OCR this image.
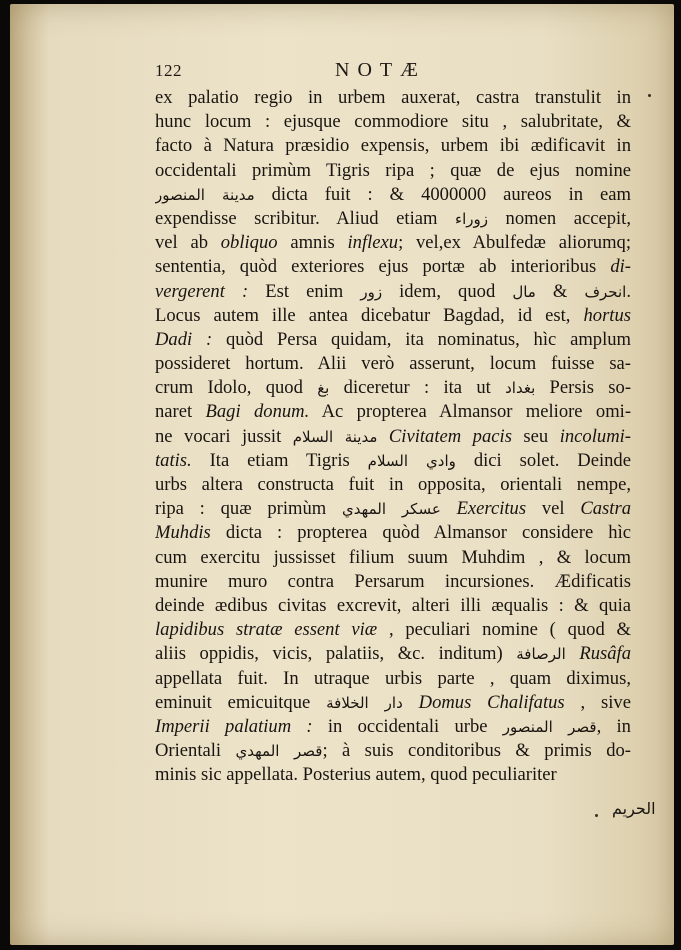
122	NOTÆ
ex palatio regio in urbem auxerat, castra transtulit in
hunc locum : ejusque commodiore situ , salubritate, &
facto à Natura præsidio expensis, urbem ibi ædificavit in
occidentali primùm Tigris ripa ; quæ de ejus nomine
مدينة المنصور dicta fuit : & 4000000 aureos in eam
expendisse scribitur. Aliud etiam زوراء nomen accepit,
vel ab obliquo amnis inflexu; vel,ex Abulfedæ aliorumq;
sententia, quòd exteriores ejus portæ ab interioribus di-
vergerent : Est enim زور idem, quod مال & انحرف.
Locus autem ille antea dicebatur Bagdad, id est, hortus
Dadi : quòd Persa quidam, ita nominatus, hìc amplum
possideret hortum. Alii verò asserunt, locum fuisse sa-
crum Idolo, quod بغ diceretur : ita ut بغداد Persis so-
naret Bagi donum. Ac propterea Almansor meliore omi-
ne vocari jussit مدينة السلام Civitatem pacis seu incolumi-
tatis. Ita etiam Tigris وادي السلام dici solet. Deinde
urbs altera constructa fuit in opposita, orientali nempe,
ripa : quæ primùm عسكر المهدي Exercitus vel Castra
Muhdis dicta : propterea quòd Almansor considere hìc
cum exercitu jussisset filium suum Muhdim , & locum
munire muro contra Persarum incursiones. Ædificatis
deinde ædibus civitas excrevit, alteri illi æqualis : & quia
lapidibus stratæ essent viæ , peculiari nomine ( quod &
aliis oppidis, vicis, palatiis, &c. inditum) الرصافة Rusâfa
appellata fuit. In utraque urbis parte , quam diximus,
eminuit emicuitque دار الخلافة Domus Chalifatus , sive
Imperii palatium : in occidentali urbe قصر المنصور, in
Orientali قصر المهدي; à suis conditoribus & primis do-
minis sic appellata. Posterius autem, quod peculiariter
الحريم
